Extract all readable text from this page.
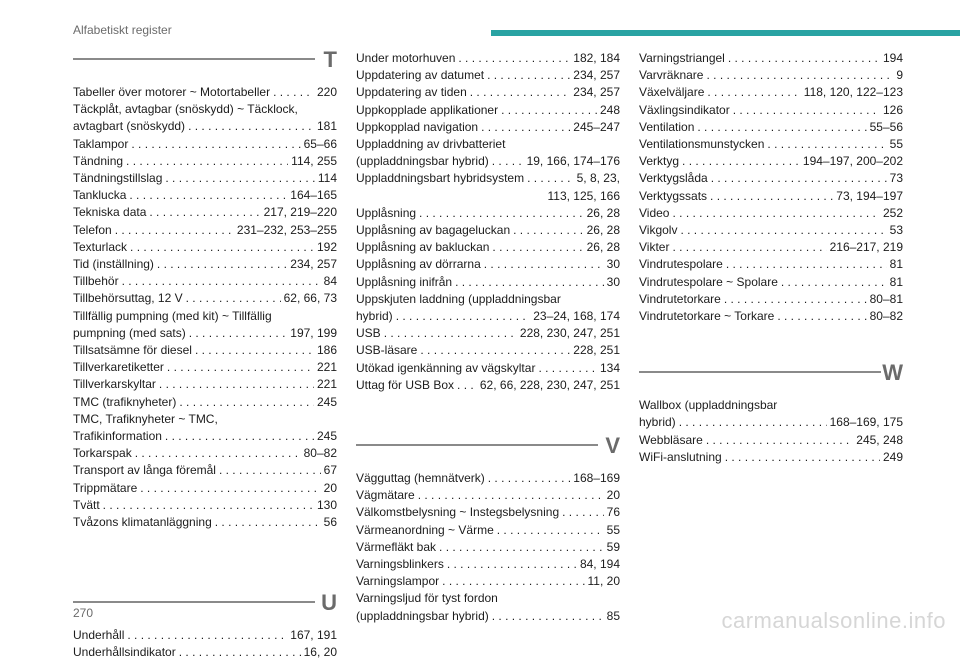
Alfabetiskt register
T
Tabeller över motorer ~ Motortabeller . . .	220
Täckplåt, avtagbar (snöskydd) ~ Täcklock,
avtagbart (snöskydd) . . .	181
Taklampor . . .	65–66
Tändning . . .	114, 255
Tändningstillslag . . .	114
Tanklucka . . .	164–165
Tekniska data . . .	217, 219–220
Telefon . . .	231–232, 253–255
Texturlack . . .	192
Tid (inställning) . . .	234, 257
Tillbehör . . .	84
Tillbehörsuttag, 12 V . . .	62, 66, 73
Tillfällig pumpning (med kit) ~ Tillfällig
pumpning (med sats) . . .	197, 199
Tillsatsämne för diesel . . .	186
Tillverkaretiketter . . .	221
Tillverkarskyltar . . .	221
TMC (trafiknyheter) . . .	245
TMC, Trafiknyheter ~ TMC,
Trafikinformation . . .	245
Torkarspak . . .	80–82
Transport av långa föremål . . .	67
Trippmätare . . .	20
Tvätt . . .	130
Tvåzons klimatanläggning . . .	56
U
Underhåll . . .	167, 191
Underhållsindikator . . .	16, 20
Under motorhuven . . .	182, 184
Uppdatering av datumet . . .	234, 257
Uppdatering av tiden . . .	234, 257
Uppkopplade applikationer . . .	248
Uppkopplad navigation . . .	245–247
Uppladdning av drivbatteriet
(uppladdningsbar hybrid) . . .	19, 166, 174–176
Uppladdningsbart hybridsystem . . .	5, 8, 23,
113, 125, 166
Upplåsning . . .	26, 28
Upplåsning av bagageluckan . . .	26, 28
Upplåsning av bakluckan . . .	26, 28
Upplåsning av dörrarna . . .	30
Upplåsning inifrån . . .	30
Uppskjuten laddning (uppladdningsbar
hybrid) . . .	23–24, 168, 174
USB . . .	228, 230, 247, 251
USB-läsare . . .	228, 251
Utökad igenkänning av vägskyltar . . .	134
Uttag för USB Box . . . 62, 66, 228, 230, 247, 251
V
Vägguttag (hemnätverk) . . .	168–169
Vägmätare . . .	20
Välkomstbelysning ~ Instegsbelysning . . .	76
Värmeanordning ~ Värme . . .	55
Värmefläkt bak . . .	59
Varningsblinkers . . .	84, 194
Varningslampor . . .	11, 20
Varningsljud för tyst fordon
(uppladdningsbar hybrid) . . .	85
Varningstriangel . . .	194
Varvräknare . . .	9
Växelväljare . . .	118, 120, 122–123
Växlingsindikator . . .	126
Ventilation . . .	55–56
Ventilationsmunstycken . . .	55
Verktyg . . .	194–197, 200–202
Verktygslåda . . .	73
Verktygssats . . .	73, 194–197
Video . . .	252
Vikgolv . . .	53
Vikter . . .	216–217, 219
Vindrutespolare . . .	81
Vindrutespolare ~ Spolare . . .	81
Vindrutetorkare . . .	80–81
Vindrutetorkare ~ Torkare . . .	80–82
W
Wallbox (uppladdningsbar
hybrid) . . .	168–169, 175
Webbläsare . . .	245, 248
WiFi-anslutning . . .	249
270	carmanualsonline.info
